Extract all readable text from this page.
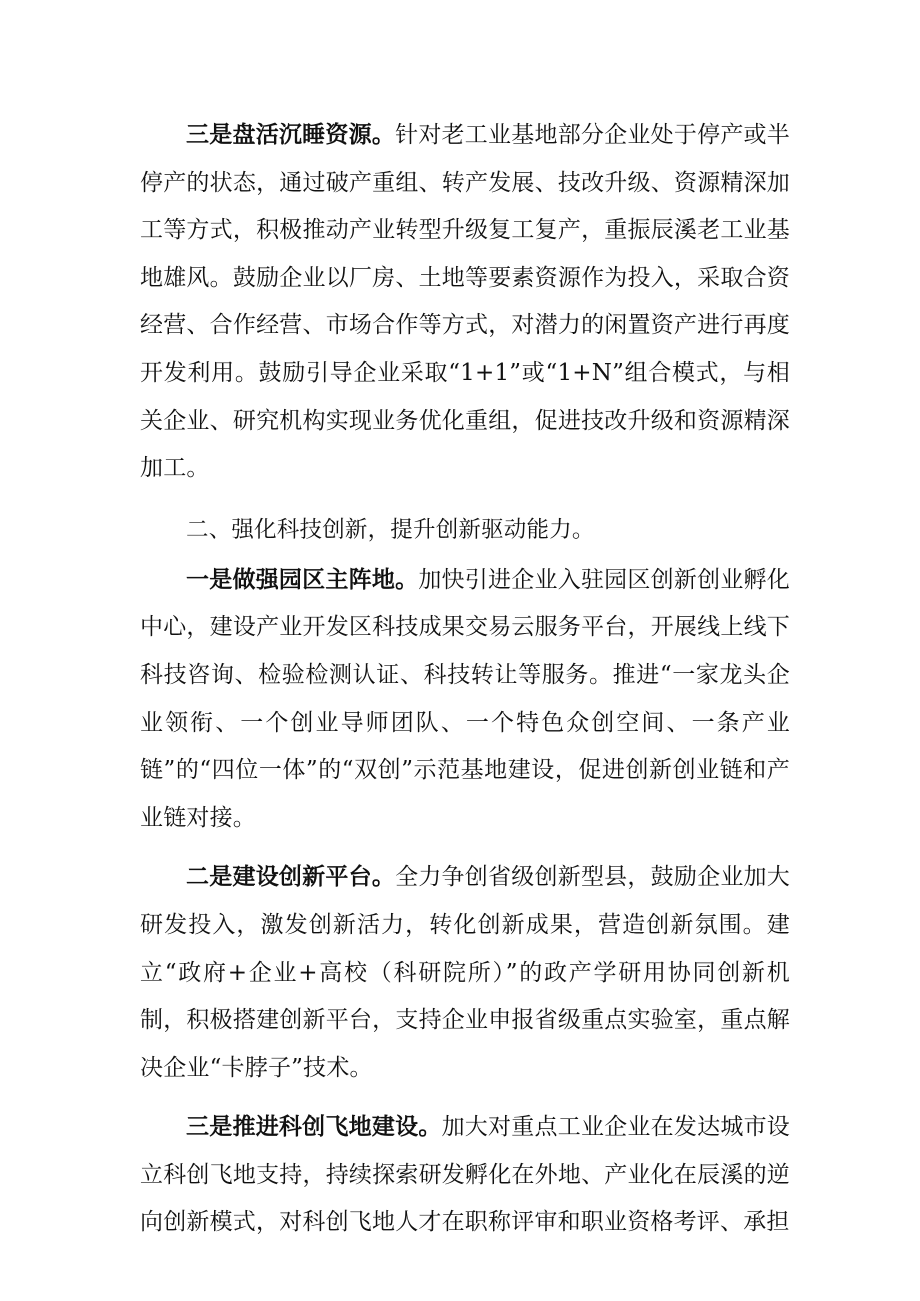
三是盘活沉睡资源。针对老工业基地部分企业处于停产或半停产的状态，通过破产重组、转产发展、技改升级、资源精深加工等方式，积极推动产业转型升级复工复产，重振辰溪老工业基地雄风。鼓励企业以厂房、土地等要素资源作为投入，采取合资经营、合作经营、市场合作等方式，对潜力的闲置资产进行再度开发利用。鼓励引导企业采取“1+1”或“1+N”组合模式，与相关企业、研究机构实现业务优化重组，促进技改升级和资源精深加工。

二、强化科技创新，提升创新驱动能力。

一是做强园区主阵地。加快引进企业入驻园区创新创业孵化中心，建设产业开发区科技成果交易云服务平台，开展线上线下科技咨询、检验检测认证、科技转让等服务。推进“一家龙头企业领衔、一个创业导师团队、一个特色众创空间、一条产业链”的“四位一体”的“双创”示范基地建设，促进创新创业链和产业链对接。

二是建设创新平台。全力争创省级创新型县，鼓励企业加大研发投入，激发创新活力，转化创新成果，营造创新氛围。建立“政府+企业+高校（科研院所）”的政产学研用协同创新机制，积极搭建创新平台，支持企业申报省级重点实验室，重点解决企业“卡脖子”技术。

三是推进科创飞地建设。加大对重点工业企业在发达城市设立科创飞地支持，持续探索研发孵化在外地、产业化在辰溪的逆向创新模式，对科创飞地人才在职称评审和职业资格考评、承担
